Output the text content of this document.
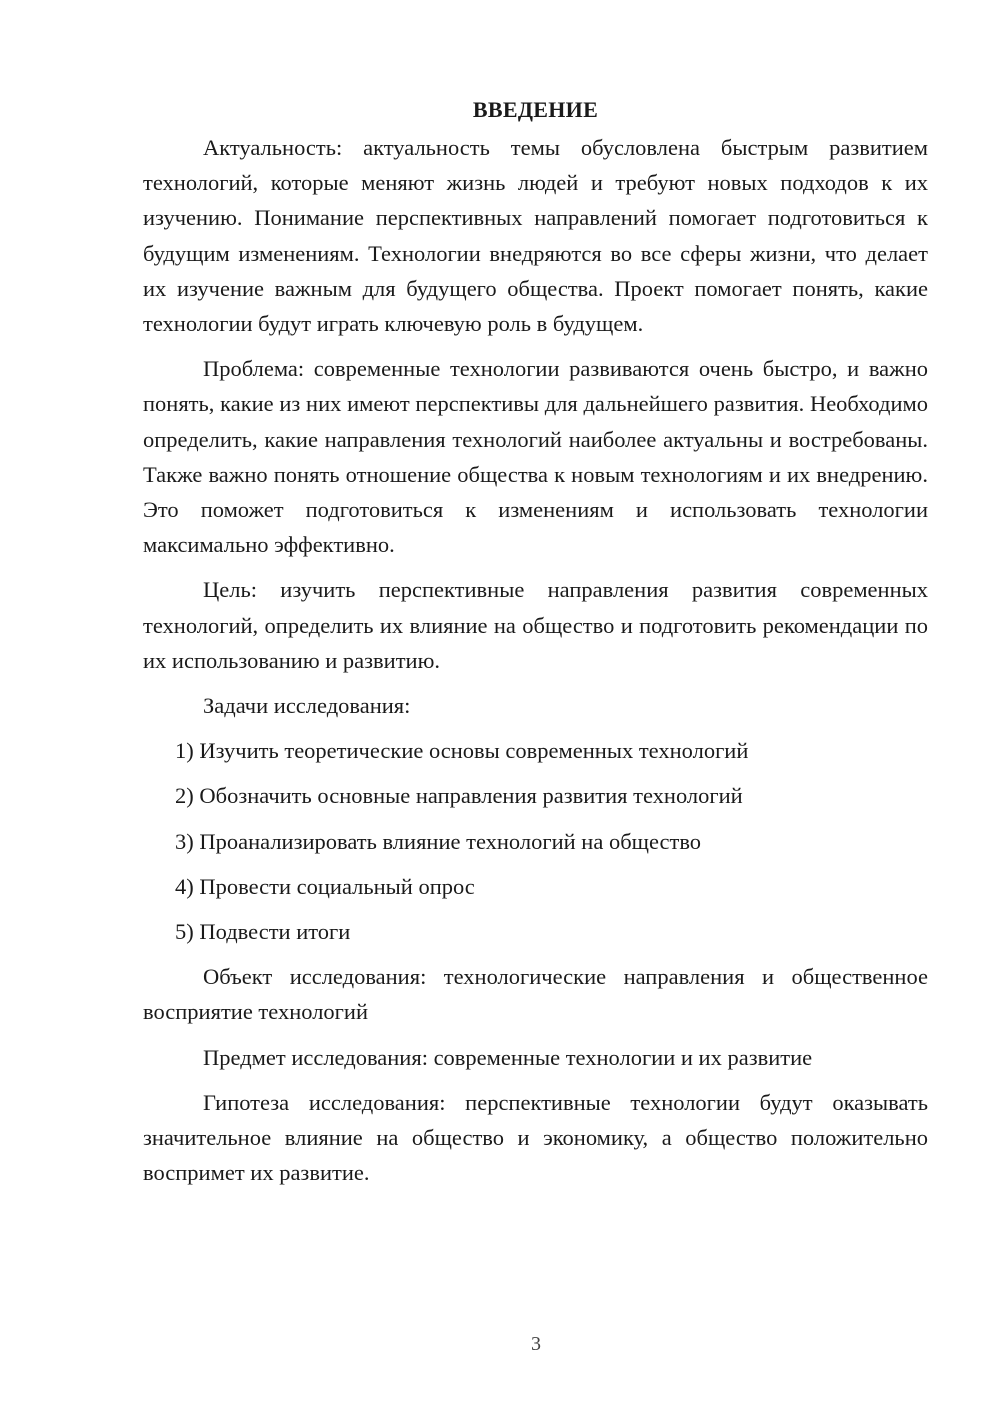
ВВЕДЕНИЕ

Актуальность: актуальность темы обусловлена быстрым развитием технологий, которые меняют жизнь людей и требуют новых подходов к их изучению. Понимание перспективных направлений помогает подготовиться к будущим изменениям. Технологии внедряются во все сферы жизни, что делает их изучение важным для будущего общества. Проект помогает понять, какие технологии будут играть ключевую роль в будущем.

Проблема: современные технологии развиваются очень быстро, и важно понять, какие из них имеют перспективы для дальнейшего развития. Необходимо определить, какие направления технологий наиболее актуальны и востребованы. Также важно понять отношение общества к новым технологиям и их внедрению. Это поможет подготовиться к изменениям и использовать технологии максимально эффективно.

Цель: изучить перспективные направления развития современных технологий, определить их влияние на общество и подготовить рекомендации по их использованию и развитию.

Задачи исследования:

1) Изучить теоретические основы современных технологий
2) Обозначить основные направления развития технологий
3) Проанализировать влияние технологий на общество
4) Провести социальный опрос
5) Подвести итоги

Объект исследования: технологические направления и общественное восприятие технологий

Предмет исследования: современные технологии и их развитие

Гипотеза исследования: перспективные технологии будут оказывать значительное влияние на общество и экономику, а общество положительно воспримет их развитие.

3
